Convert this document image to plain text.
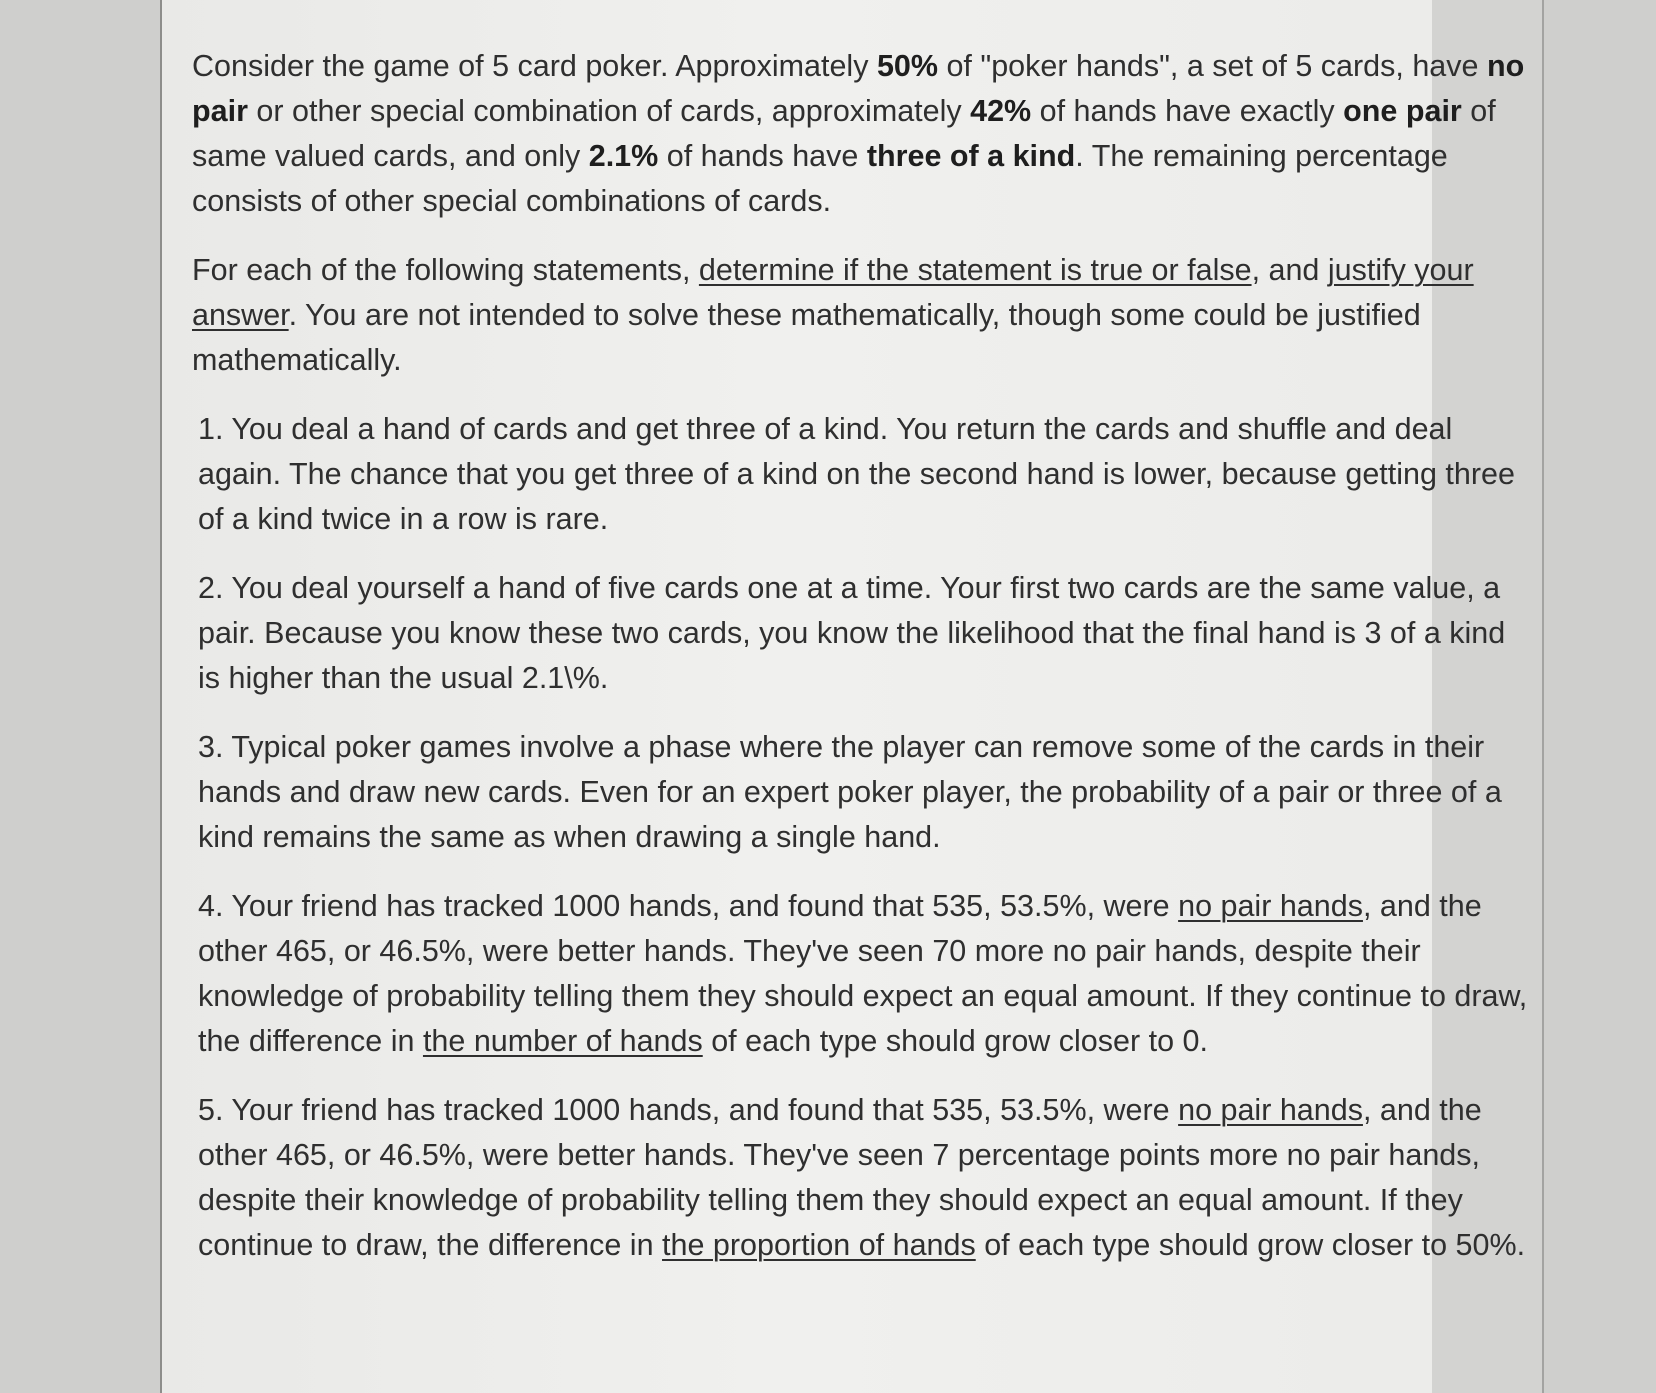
Consider the game of 5 card poker. Approximately 50% of "poker hands", a set of 5 cards, have no pair or other special combination of cards, approximately 42% of hands have exactly one pair of same valued cards, and only 2.1% of hands have three of a kind. The remaining percentage consists of other special combinations of cards.

For each of the following statements, determine if the statement is true or false, and justify your answer. You are not intended to solve these mathematically, though some could be justified mathematically.

1. You deal a hand of cards and get three of a kind. You return the cards and shuffle and deal again. The chance that you get three of a kind on the second hand is lower, because getting three of a kind twice in a row is rare.

2. You deal yourself a hand of five cards one at a time. Your first two cards are the same value, a pair. Because you know these two cards, you know the likelihood that the final hand is 3 of a kind is higher than the usual 2.1\%.

3. Typical poker games involve a phase where the player can remove some of the cards in their hands and draw new cards. Even for an expert poker player, the probability of a pair or three of a kind remains the same as when drawing a single hand.

4. Your friend has tracked 1000 hands, and found that 535, 53.5%, were no pair hands, and the other 465, or 46.5%, were better hands. They've seen 70 more no pair hands, despite their knowledge of probability telling them they should expect an equal amount. If they continue to draw, the difference in the number of hands of each type should grow closer to 0.

5. Your friend has tracked 1000 hands, and found that 535, 53.5%, were no pair hands, and the other 465, or 46.5%, were better hands. They've seen 7 percentage points more no pair hands, despite their knowledge of probability telling them they should expect an equal amount. If they continue to draw, the difference in the proportion of hands of each type should grow closer to 50%.
